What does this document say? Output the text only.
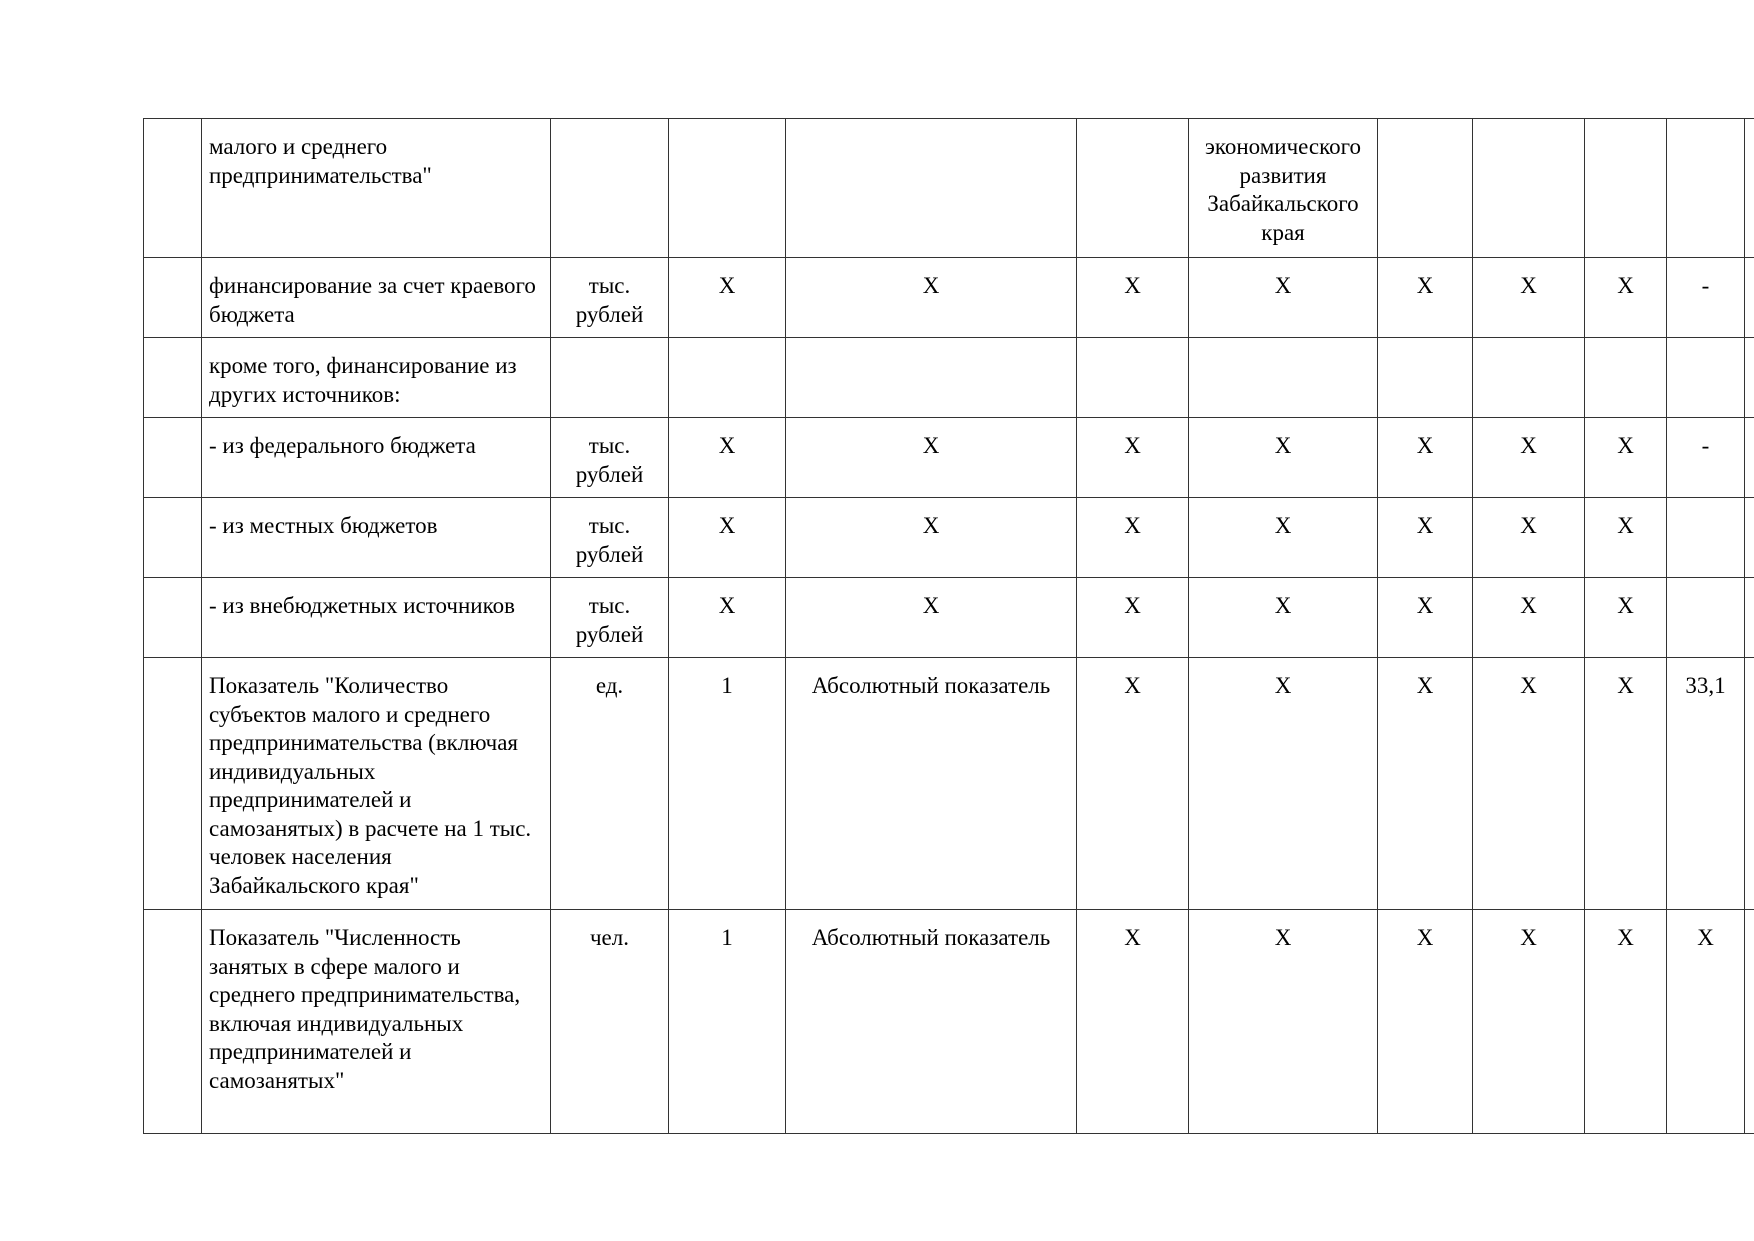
	малого и среднего предпринимательства"					экономического развития Забайкальского края					
	финансирование за счет краевого бюджета	тыс. рублей	X	X	X	X	X	X	X	-	
	кроме того, финансирование из других источников:										
	- из федерального бюджета	тыс. рублей	X	X	X	X	X	X	X	-	
	- из местных бюджетов	тыс. рублей	X	X	X	X	X	X	X		
	- из внебюджетных источников	тыс. рублей	X	X	X	X	X	X	X		
	Показатель "Количество субъектов малого и среднего предпринимательства (включая индивидуальных предпринимателей и самозанятых) в расчете на 1 тыс. человек населения Забайкальского края"	ед.	1	Абсолютный показатель	X	X	X	X	X	33,1	
	Показатель "Численность занятых в сфере малого и среднего предпринимательства, включая индивидуальных предпринимателей и самозанятых"	чел.	1	Абсолютный показатель	X	X	X	X	X	X	
